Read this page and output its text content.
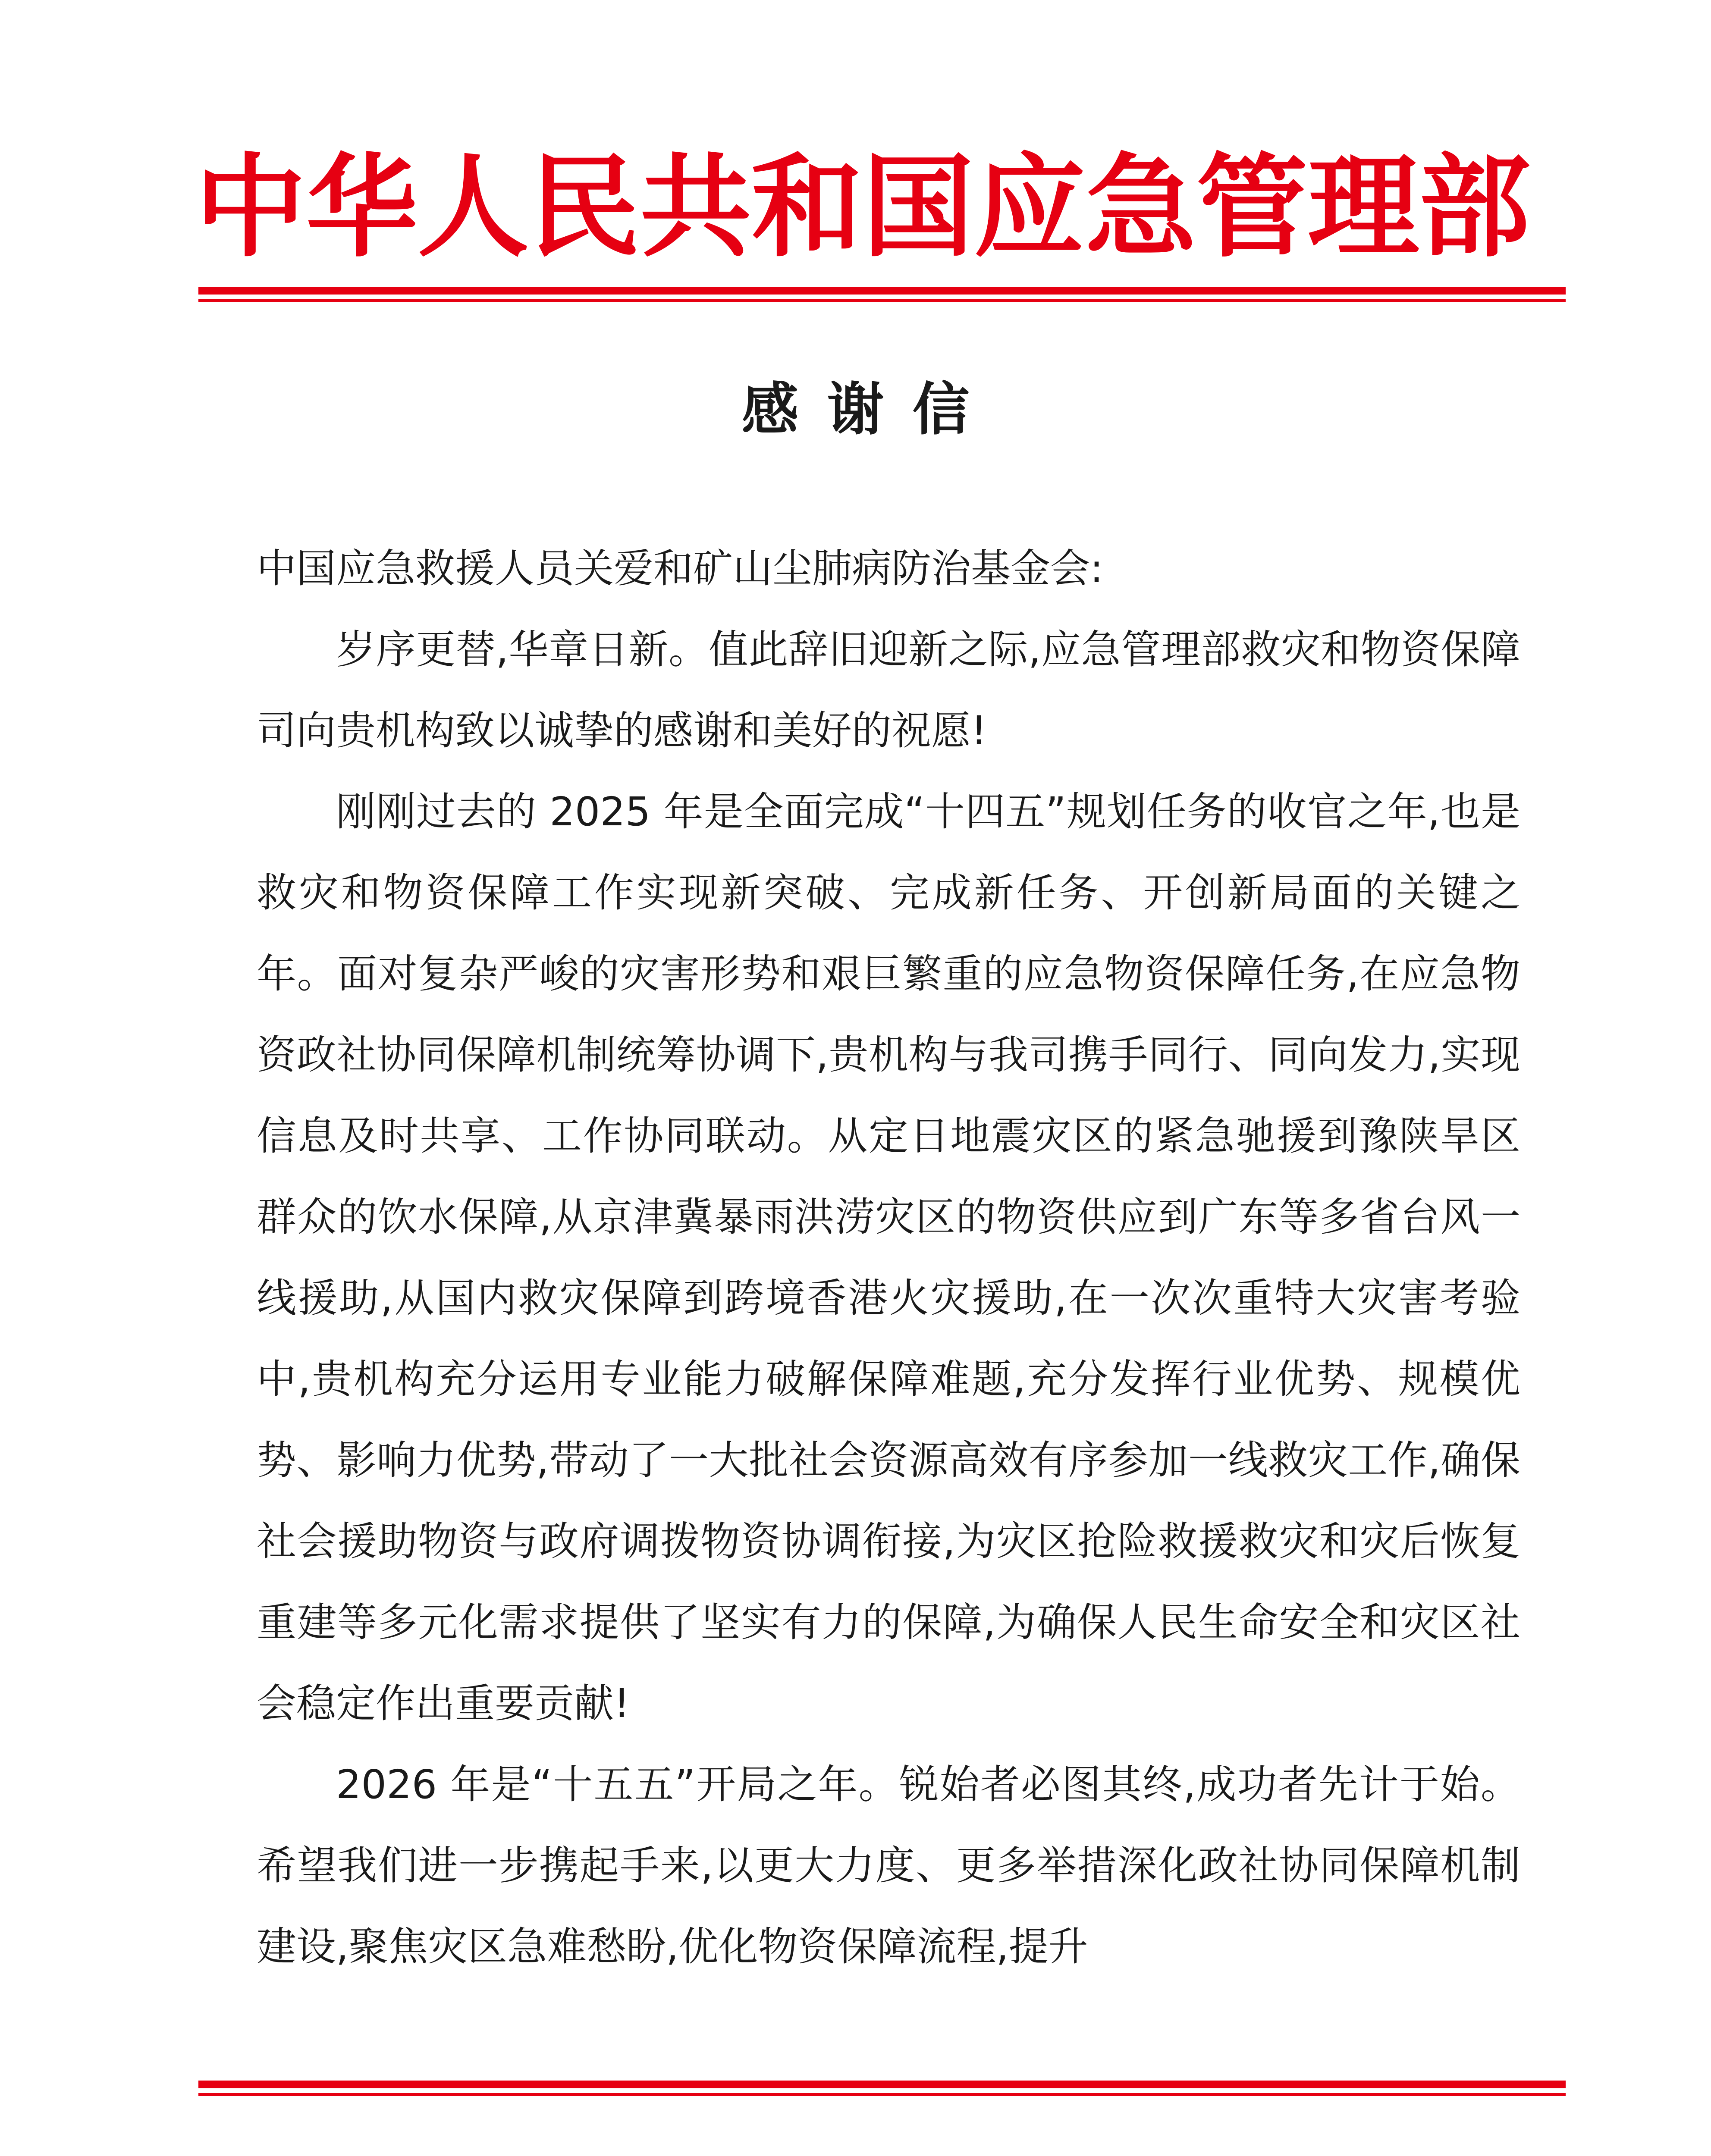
中华人民共和国应急管理部
感谢信

中国应急救援人员关爱和矿山尘肺病防治基金会:

岁序更替,华章日新。值此辞旧迎新之际,应急管理部救灾和物资保障司向贵机构致以诚挚的感谢和美好的祝愿!

刚刚过去的 2025 年是全面完成“十四五”规划任务的收官之年,也是救灾和物资保障工作实现新突破、完成新任务、开创新局面的关键之年。面对复杂严峻的灾害形势和艰巨繁重的应急物资保障任务,在应急物资政社协同保障机制统筹协调下,贵机构与我司携手同行、同向发力,实现信息及时共享、工作协同联动。从定日地震灾区的紧急驰援到豫陕旱区群众的饮水保障,从京津冀暴雨洪涝灾区的物资供应到广东等多省台风一线援助,从国内救灾保障到跨境香港火灾援助,在一次次重特大灾害考验中,贵机构充分运用专业能力破解保障难题,充分发挥行业优势、规模优势、影响力优势,带动了一大批社会资源高效有序参加一线救灾工作,确保社会援助物资与政府调拨物资协调衔接,为灾区抢险救援救灾和灾后恢复重建等多元化需求提供了坚实有力的保障,为确保人民生命安全和灾区社会稳定作出重要贡献!

2026 年是“十五五”开局之年。锐始者必图其终,成功者先计于始。希望我们进一步携起手来,以更大力度、更多举措深化政社协同保障机制建设,聚焦灾区急难愁盼,优化物资保障流程,提升
